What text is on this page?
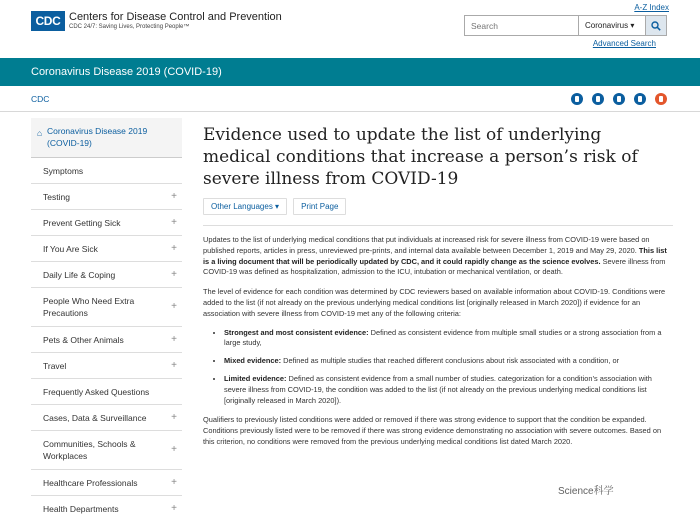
CDC Centers for Disease Control and Prevention
CDC 24/7: Saving Lives, Protecting People™
A-Z Index
Search
Coronavirus ▾
Advanced Search
Coronavirus Disease 2019 (COVID-19)
CDC
⌂ Coronavirus Disease 2019 (COVID-19)
Symptoms
Testing	+
Prevent Getting Sick	+
If You Are Sick	+
Daily Life & Coping	+
People Who Need Extra Precautions
+
Pets & Other Animals	+
Travel	+
Frequently Asked Questions
Cases, Data & Surveillance +
Communities, Schools & Workplaces
+
Healthcare Professionals	+
Health Departments	+
Evidence used to update the list of underlying medical conditions that increase a person’s risk of severe illness from COVID-19
Other Languages ▾	Print Page

Updates to the list of underlying medical conditions that put individuals at increased risk for severe illness from COVID-19 were based on published reports, articles in press, unreviewed pre-prints, and internal data available between December 1, 2019 and May 29, 2020. This list is a living document that will be periodically updated by CDC, and it could rapidly change as the science evolves. Severe illness from COVID-19 was defined as hospitalization, admission to the ICU, intubation or mechanical ventilation, or death.

The level of evidence for each condition was determined by CDC reviewers based on available information about COVID-19. Conditions were added to the list (if not already on the previous underlying medical conditions list [originally released in March 2020]) if evidence for an association with severe illness from COVID-19 met any of the following criteria:

• Strongest and most consistent evidence: Defined as consistent evidence from multiple small studies or a strong association from a large study,
• Mixed evidence: Defined as multiple studies that reached different conclusions about risk associated with a condition, or
• Limited evidence: Defined as consistent evidence from a small number of studies. categorization for a condition’s association with severe illness from COVID-19, the condition was added to the list (if not already on the previous underlying medical conditions list [originally released in March 2020]).

Qualifiers to previously listed conditions were added or removed if there was strong evidence to support that the condition be expanded. Conditions previously listed were to be removed if there was strong evidence demonstrating no association with severe outcomes. Based on this criterion, no conditions were removed from the previous underlying medical conditions list dated March 2020.

Science科学
